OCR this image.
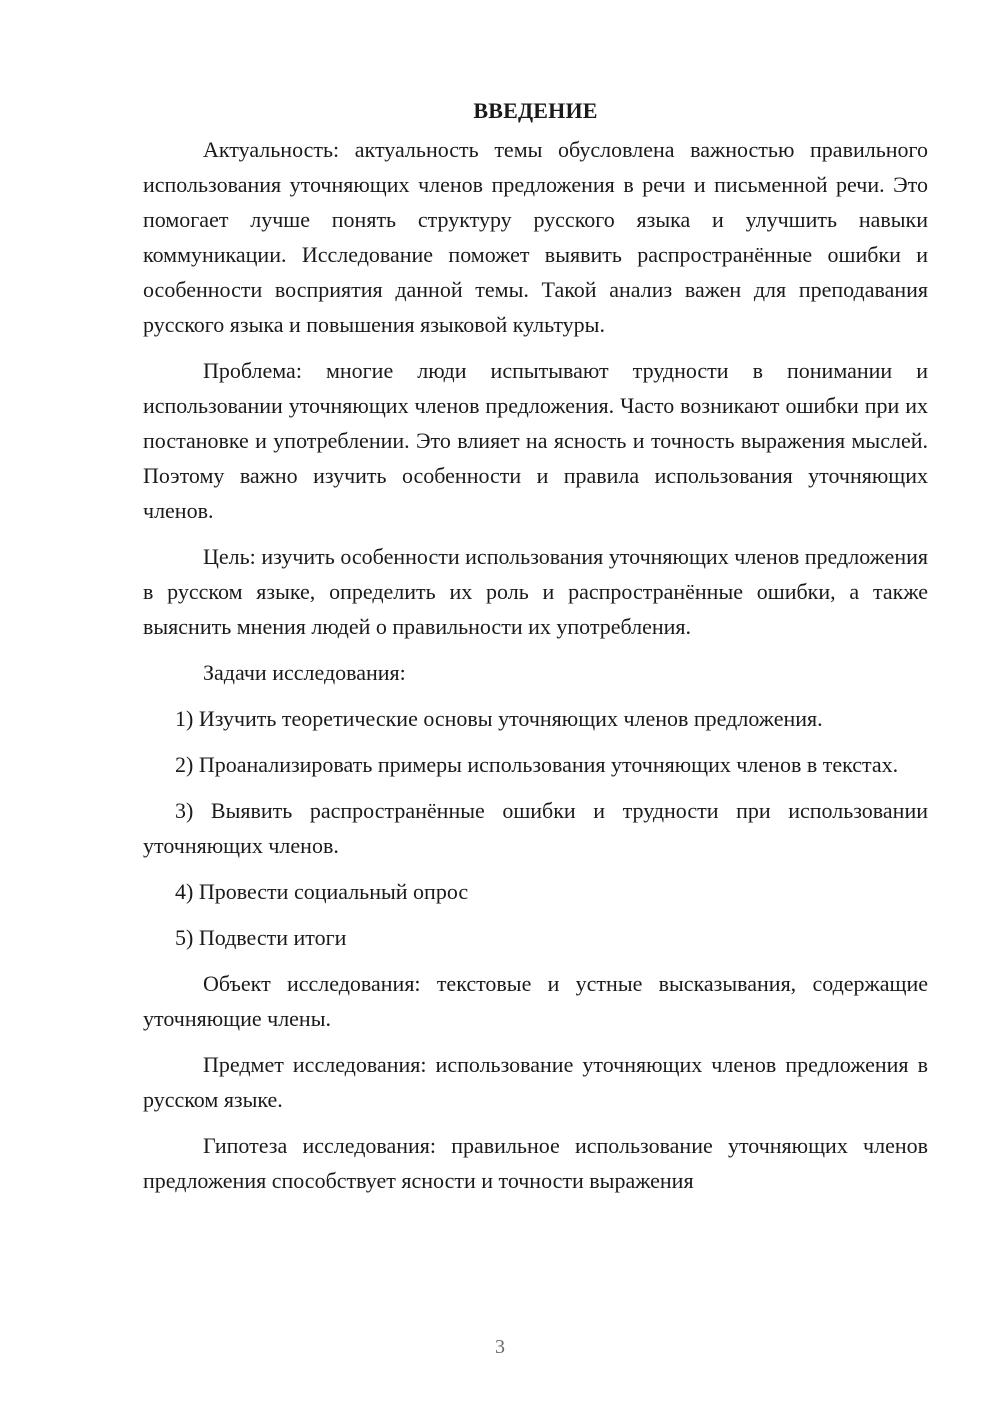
ВВЕДЕНИЕ

Актуальность: актуальность темы обусловлена важностью правильного использования уточняющих членов предложения в речи и письменной речи. Это помогает лучше понять структуру русского языка и улучшить навыки коммуникации. Исследование поможет выявить распространённые ошибки и особенности восприятия данной темы. Такой анализ важен для преподавания русского языка и повышения языковой культуры.

Проблема: многие люди испытывают трудности в понимании и использовании уточняющих членов предложения. Часто возникают ошибки при их постановке и употреблении. Это влияет на ясность и точность выражения мыслей. Поэтому важно изучить особенности и правила использования уточняющих членов.

Цель: изучить особенности использования уточняющих членов предложения в русском языке, определить их роль и распространённые ошибки, а также выяснить мнения людей о правильности их употребления.

Задачи исследования:

1) Изучить теоретические основы уточняющих членов предложения.

2) Проанализировать примеры использования уточняющих членов в текстах.

3) Выявить распространённые ошибки и трудности при использовании уточняющих членов.

4) Провести социальный опрос

5) Подвести итоги

Объект исследования: текстовые и устные высказывания, содержащие уточняющие члены.

Предмет исследования: использование уточняющих членов предложения в русском языке.

Гипотеза исследования: правильное использование уточняющих членов предложения способствует ясности и точности выражения

3
